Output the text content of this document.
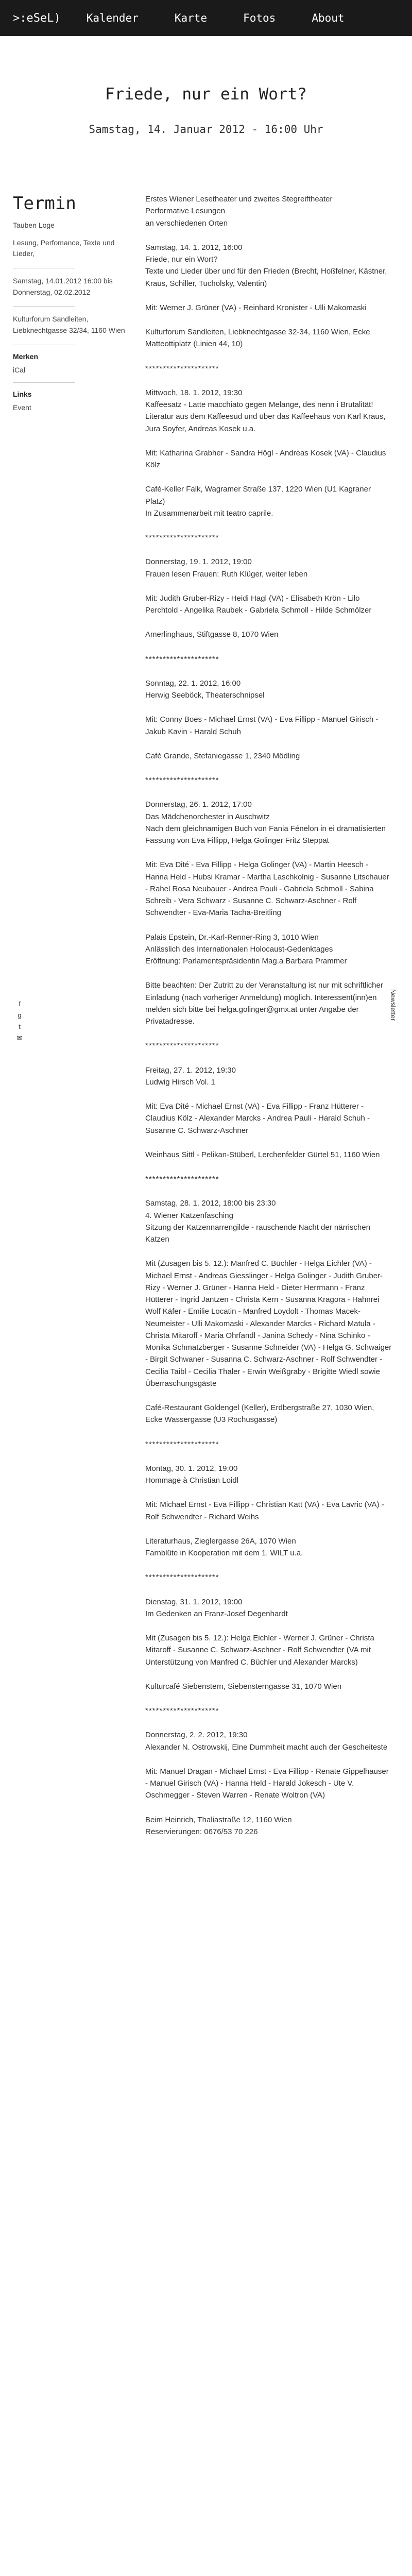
>:eSeL) Kalender	Karte	Fotos	About
Friede, nur ein Wort?
Samstag, 14. Januar 2012 - 16:00 Uhr
Termin
Tauben Loge
Lesung, Perfomance, Texte und Lieder,
Samstag, 14.01.2012 16:00 bis Donnerstag, 02.02.2012
Kulturforum Sandleiten, Liebknechtgasse 32/34, 1160 Wien
Merken
iCal
Links
Event
Erstes Wiener Lesetheater und zweites Stegreiftheater
Performative Lesungen
an verschiedenen Orten
Samstag, 14. 1. 2012, 16:00
Friede, nur ein Wort?
Texte und Lieder über und für den Frieden (Brecht, Hoßfelner, Kästner, Kraus, Schiller, Tucholsky, Valentin)
Mit: Werner J. Grüner (VA) - Reinhard Kronister - Ulli Makomaski
Kulturforum Sandleiten, Liebknechtgasse 32-34, 1160 Wien, Ecke Matteottiplatz (Linien 44, 10)
*********************
Mittwoch, 18. 1. 2012, 19:30
Kaffeesatz - Latte macchiato gegen Melange, des nenn i Brutalität!
Literatur aus dem Kaffeesud und über das Kaffeehaus von Karl Kraus, Jura Soyfer, Andreas Kosek u.a.
Mit: Katharina Grabher - Sandra Högl - Andreas Kosek (VA) - Claudius Kölz
Café-Keller Falk, Wagramer Straße 137, 1220 Wien (U1 Kagraner Platz)
In Zusammenarbeit mit teatro caprile.
*********************
Donnerstag, 19. 1. 2012, 19:00
Frauen lesen Frauen: Ruth Klüger, weiter leben
Mit: Judith Gruber-Rizy - Heidi Hagl (VA) - Elisabeth Krön - Lilo Perchtold - Angelika Raubek - Gabriela Schmoll - Hilde Schmölzer
Amerlinghaus, Stiftgasse 8, 1070 Wien
*********************
Sonntag, 22. 1. 2012, 16:00
Herwig Seeböck, Theaterschnipsel
Mit: Conny Boes - Michael Ernst (VA) - Eva Fillipp - Manuel Girisch - Jakub Kavin - Harald Schuh
Café Grande, Stefaniegasse 1, 2340 Mödling
*********************
Donnerstag, 26. 1. 2012, 17:00
Das Mädchenorchester in Auschwitz
Nach dem gleichnamigen Buch von Fania Fénelon in ei dramatisierten Fassung von Eva Fillipp, Helga Golinger Fritz Steppat
Mit: Eva Dité - Eva Fillipp - Helga Golinger (VA) - Martin Heesch - Hanna Held - Hubsi Kramar - Martha Laschkolnig - Susanne Litschauer - Rahel Rosa Neubauer - Andrea Pauli - Gabriela Schmoll - Sabina Schreib - Vera Schwarz - Susanne C. Schwarz-Aschner - Rolf Schwendter - Eva-Maria Tacha-Breitling
Palais Epstein, Dr.-Karl-Renner-Ring 3, 1010 Wien
Anlässlich des Internationalen Holocaust-Gedenktages
Eröffnung: Parlamentspräsidentin Mag.a Barbara Prammer
Bitte beachten: Der Zutritt zu der Veranstaltung ist nur mit schriftlicher Einladung (nach vorheriger Anmeldung) möglich. Interessent(inn)en melden sich bitte bei helga.golinger@gmx.at unter Angabe der Privatadresse.
*********************
Freitag, 27. 1. 2012, 19:30
Ludwig Hirsch Vol. 1
Mit: Eva Dité - Michael Ernst (VA) - Eva Fillipp - Franz Hütterer - Claudius Kölz - Alexander Marcks - Andrea Pauli - Harald Schuh - Susanne C. Schwarz-Aschner
Weinhaus Sittl - Pelikan-Stüberl, Lerchenfelder Gürtel 51, 1160 Wien
*********************
Samstag, 28. 1. 2012, 18:00 bis 23:30
4. Wiener Katzenfasching
Sitzung der Katzennarrengilde - rauschende Nacht der närrischen Katzen
Mit (Zusagen bis 5. 12.): Manfred C. Büchler - Helga Eichler (VA) - Michael Ernst - Andreas Giesslinger - Helga Golinger - Judith Gruber-Rizy - Werner J. Grüner - Hanna Held - Dieter Herrmann - Franz Hütterer - Ingrid Jantzen - Christa Kern - Susanna Kragora - Hahnrei Wolf Käfer - Emilie Locatin - Manfred Loydolt - Thomas Macek-Neumeister - Ulli Makomaski - Alexander Marcks - Richard Matula - Christa Mitaroff - Maria Ohrfandl - Janina Schedy - Nina Schinko - Monika Schmatzberger - Susanne Schneider (VA) - Helga G. Schwaiger - Birgit Schwaner - Susanna C. Schwarz-Aschner - Rolf Schwendter - Cecilia Taibl - Cecilia Thaler - Erwin Weißgraby - Brigitte Wiedl sowie Überraschungsgäste
Café-Restaurant Goldengel (Keller), Erdbergstraße 27, 1030 Wien, Ecke Wassergasse (U3 Rochusgasse)
*********************
Montag, 30. 1. 2012, 19:00
Hommage à Christian Loidl
Mit: Michael Ernst - Eva Fillipp - Christian Katt (VA) - Eva Lavric (VA) - Rolf Schwendter - Richard Weihs
Literaturhaus, Zieglergasse 26A, 1070 Wien
Farnblüte in Kooperation mit dem 1. WILT u.a.
*********************
Dienstag, 31. 1. 2012, 19:00
Im Gedenken an Franz-Josef Degenhardt
Mit (Zusagen bis 5. 12.): Helga Eichler - Werner J. Grüner - Christa Mitaroff - Susanne C. Schwarz-Aschner - Rolf Schwendter (VA mit Unterstützung von Manfred C. Büchler und Alexander Marcks)
Kulturcafé Siebenstern, Siebensterngasse 31, 1070 Wien
*********************
Donnerstag, 2. 2. 2012, 19:30
Alexander N. Ostrowskij, Eine Dummheit macht auch der Gescheiteste
Mit: Manuel Dragan - Michael Ernst - Eva Fillipp - Renate Gippelhauser - Manuel Girisch (VA) - Hanna Held - Harald Jokesch - Ute V. Oschmegger - Steven Warren - Renate Woltron (VA)
Beim Heinrich, Thaliastraße 12, 1160 Wien
Reservierungen: 0676/53 70 226
f
g
t
✉
Newsletter
